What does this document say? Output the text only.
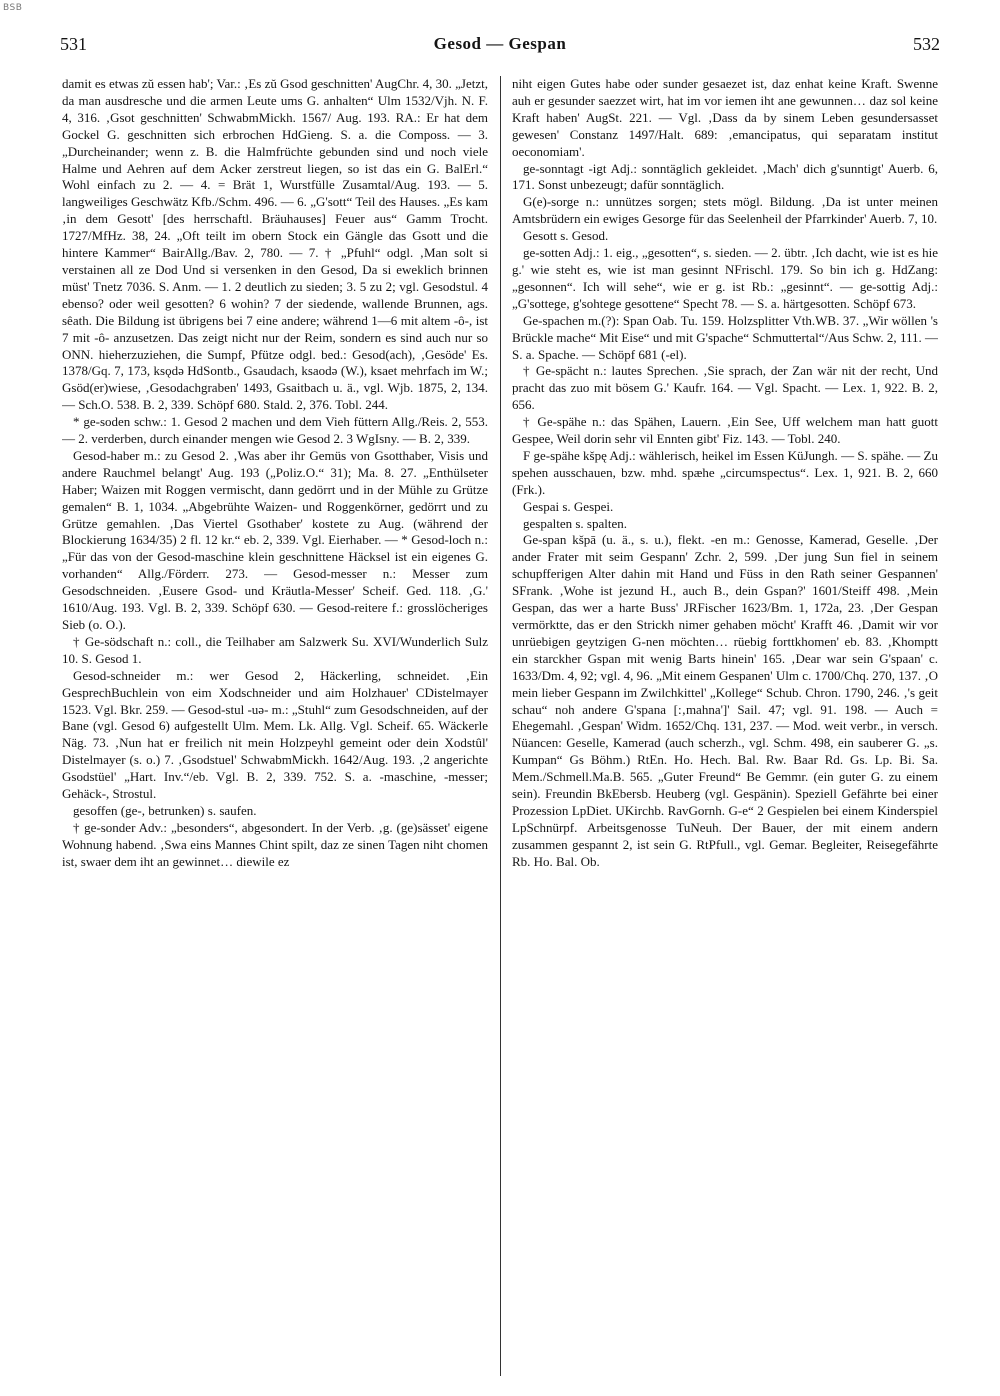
BSB
531	Gesod — Gespan	532

damit es etwas zŭ essen hab'; Var.: ‚Es zŭ Gsod geschnitten' AugChr. 4, 30. „Jetzt, da man ausdresche und die armen Leute ums G. anhalten“ Ulm 1532/Vjh. N. F. 4, 316. ‚Gsot geschnitten' SchwabmMickh. 1567/ Aug. 193. RA.: Er hat dem Gockel G. geschnitten sich erbrochen HdGieng. S. a. die Composs. — 3. „Durcheinander; wenn z. B. die Halmfrüchte gebunden sind und noch viele Halme und Aehren auf dem Acker zerstreut liegen, so ist das ein G. BalErl.“ Wohl einfach zu 2. — 4. = Brät 1, Wurstfülle Zusamtal/Aug. 193. — 5. langweiliges Geschwätz Kfb./Schm. 496. — 6. „G'sott“ Teil des Hauses. „Es kam ‚in dem Gesott' [des herrschaftl. Bräuhauses] Feuer aus“ Gamm Trocht. 1727/MfHz. 38, 24. „Oft teilt im obern Stock ein Gängle das Gsott und die hintere Kammer“ BairAllg./Bav. 2, 780. — 7. † „Pfuhl“ odgl. ‚Man solt si verstainen all ze Dod Und si versenken in den Gesod, Da si eweklich brinnen müst' Tnetz 7036. S. Anm. — 1. 2 deutlich zu sieden; 3. 5 zu 2; vgl. Gesodstul. 4 ebenso? oder weil gesotten? 6 wohin? 7 der siedende, wallende Brunnen, ags. sêath. Die Bildung ist übrigens bei 7 eine andere; während 1—6 mit altem -ô-, ist 7 mit -ô- anzusetzen. Das zeigt nicht nur der Reim, sondern es sind auch nur so ONN. hieherzuziehen, die Sumpf, Pfütze odgl. bed.: Gesod(ach), ‚Gesöde' Es. 1378/Gq. 7, 173, ksǫdə HdSontb., Gsaudach, ksaodə (W.), ksaet mehrfach im W.; Gsöd(er)wiese, ‚Gesodachgraben' 1493, Gsaitbach u. ä., vgl. Wjb. 1875, 2, 134. — Sch.O. 538. B. 2, 339. Schöpf 680. Stald. 2, 376. Tobl. 244.

* ge-soden schw.: 1. Gesod 2 machen und dem Vieh füttern Allg./Reis. 2, 553. — 2. verderben, durch einander mengen wie Gesod 2. 3 WgIsny. — B. 2, 339.

Gesod-haber m.: zu Gesod 2. ‚Was aber ihr Gemüs von Gsotthaber, Visis und andere Rauchmel belangt' Aug. 193 („Poliz.O.“ 31); Ma. 8. 27. „Enthülseter Haber; Waizen mit Roggen vermischt, dann gedörrt und in der Mühle zu Grütze gemalen“ B. 1, 1034. „Abgebrühte Waizen- und Roggenkörner, gedörrt und zu Grütze gemahlen. ‚Das Viertel Gsothaber' kostete zu Aug. (während der Blockierung 1634/35) 2 fl. 12 kr.“ eb. 2, 339. Vgl. Eierhaber. — * Gesod-loch n.: „Für das von der Gesod-maschine klein geschnittene Häcksel ist ein eigenes G. vorhanden“ Allg./Förderr. 273. — Gesod-messer n.: Messer zum Gesodschneiden. ‚Eusere Gsod- und Kräutla-Messer' Scheif. Ged. 118. ‚G.' 1610/Aug. 193. Vgl. B. 2, 339. Schöpf 630. — Gesod-reitere f.: grosslöcheriges Sieb (o. O.).

† Ge-södschaft n.: coll., die Teilhaber am Salzwerk Su. XVI/Wunderlich Sulz 10. S. Gesod 1.

Gesod-schneider m.: wer Gesod 2, Häckerling, schneidet. ‚Ein GesprechBuchlein von eim Xodschneider und aim Holzhauer' CDistelmayer 1523. Vgl. Bkr. 259. — Gesod-stul -uə- m.: „Stuhl“ zum Gesodschneiden, auf der Bane (vgl. Gesod 6) aufgestellt Ulm. Mem. Lk. Allg. Vgl. Scheif. 65. Wäckerle Näg. 73. ‚Nun hat er freilich nit mein Holzpeyhl gemeint oder dein Xodstûl' Distelmayer (s. o.) 7. ‚Gsodstuel' SchwabmMickh. 1642/Aug. 193. ‚2 angerichte Gsodstüel' „Hart. Inv.“/eb. Vgl. B. 2, 339. 752. S. a. -maschine, -messer; Gehäck-, Strostul.

gesoffen (ge-, betrunken) s. saufen.

† ge-sonder Adv.: „besonders“, abgesondert. In der Verb. ‚g. (ge)sässet' eigene Wohnung habend. ‚Swa eins Mannes Chint spilt, daz ze sinen Tagen niht chomen ist, swaer dem iht an gewinnet… diewile ez

niht eigen Gutes habe oder sunder gesaezet ist, daz enhat keine Kraft. Swenne auh er gesunder saezzet wirt, hat im vor iemen iht ane gewunnen… daz sol keine Kraft haben' AugSt. 221. — Vgl. ‚Dass da by sinem Leben gesundersasset gewesen' Constanz 1497/Halt. 689: ‚emancipatus, qui separatam institut oeconomiam'.

ge-sonntagt -igt Adj.: sonntäglich gekleidet. ‚Mach' dich g'sunntigt' Auerb. 6, 171. Sonst unbezeugt; dafür sonntäglich.

G(e)-sorge n.: unnützes sorgen; stets mögl. Bildung. ‚Da ist unter meinen Amtsbrüdern ein ewiges Gesorge für das Seelenheil der Pfarrkinder' Auerb. 7, 10.

Gesott s. Gesod.

ge-sotten Adj.: 1. eig., „gesotten“, s. sieden. — 2. übtr. ‚Ich dacht, wie ist es hie g.' wie steht es, wie ist man gesinnt NFrischl. 179. So bin ich g. HdZang: „gesonnen“. Ich will sehe“, wie er g. ist Rb.: „gesinnt“. — ge-sottig Adj.: „G'sottege, g'sohtege gesottene“ Specht 78. — S. a. härtgesotten. Schöpf 673.

Ge-spachen m.(?): Span Oab. Tu. 159. Holzsplitter Vth.WB. 37. „Wir wöllen 's Brückle mache“ Mit Eise“ und mit G'spache“ Schmuttertal“/Aus Schw. 2, 111. — S. a. Spache. — Schöpf 681 (-el).

† Ge-spächt n.: lautes Sprechen. ‚Sie sprach, der Zan wär nit der recht, Und pracht das zuo mit bösem G.' Kaufr. 164. — Vgl. Spacht. — Lex. 1, 922. B. 2, 656.

† Ge-spähe n.: das Spähen, Lauern. ‚Ein See, Uff welchem man hatt guott Gespee, Weil dorin sehr vil Ennten gibt' Fiz. 143. — Tobl. 240.

F ge-spähe kšpę Adj.: wählerisch, heikel im Essen KüJungh. — S. spähe. — Zu spehen ausschauen, bzw. mhd. spæhe „circumspectus“. Lex. 1, 921. B. 2, 660 (Frk.).

Gespai s. Gespei.

gespalten s. spalten.

Ge-span kšpā (u. ä., s. u.), flekt. -en m.: Genosse, Kamerad, Geselle. ‚Der ander Frater mit seim Gespann' Zchr. 2, 599. ‚Der jung Sun fiel in seinem schupfferigen Alter dahin mit Hand und Füss in den Rath seiner Gespannen' SFrank. ‚Wohe ist jezund H., auch B., dein Gspan?' 1601/Steiff 498. ‚Mein Gespan, das wer a harte Buss' JRFischer 1623/Bm. 1, 172a, 23. ‚Der Gespan vermörktte, das er den Strickh nimer gehaben möcht' Krafft 46. ‚Damit wir vor unrüebigen geytzigen G-nen möchten… rüebig forttkhomen' eb. 83. ‚Khomptt ein starckher Gspan mit wenig Barts hinein' 165. ‚Dear war sein G'spaan' c. 1633/Dm. 4, 92; vgl. 4, 96. „Mit einem Gespanen' Ulm c. 1700/Chq. 270, 137. ‚O mein lieber Gespann im Zwilchkittel' „Kollege“ Schub. Chron. 1790, 246. ‚'s geit schau“ noh andere G'spana [:‚mahna']' Sail. 47; vgl. 91. 198. — Auch = Ehegemahl. ‚Gespan' Widm. 1652/Chq. 131, 237. — Mod. weit verbr., in versch. Nüancen: Geselle, Kamerad (auch scherzh., vgl. Schm. 498, ein sauberer G. „s. Kumpan“ Gs Böhm.) RtEn. Ho. Hech. Bal. Rw. Baar Rd. Gs. Lp. Bi. Sa. Mem./Schmell.Ma.B. 565. „Guter Freund“ Be Gemmr. (ein guter G. zu einem sein). Freundin BkEbersb. Heuberg (vgl. Gespänin). Speziell Gefährte bei einer Prozession LpDiet. UKirchb. RavGornh. G-e“ 2 Gespielen bei einem Kinderspiel LpSchnürpf. Arbeitsgenosse TuNeuh. Der Bauer, der mit einem andern zusammen gespannt 2, ist sein G. RtPfull., vgl. Gemar. Begleiter, Reisegefährte Rb. Ho. Bal. Ob.
